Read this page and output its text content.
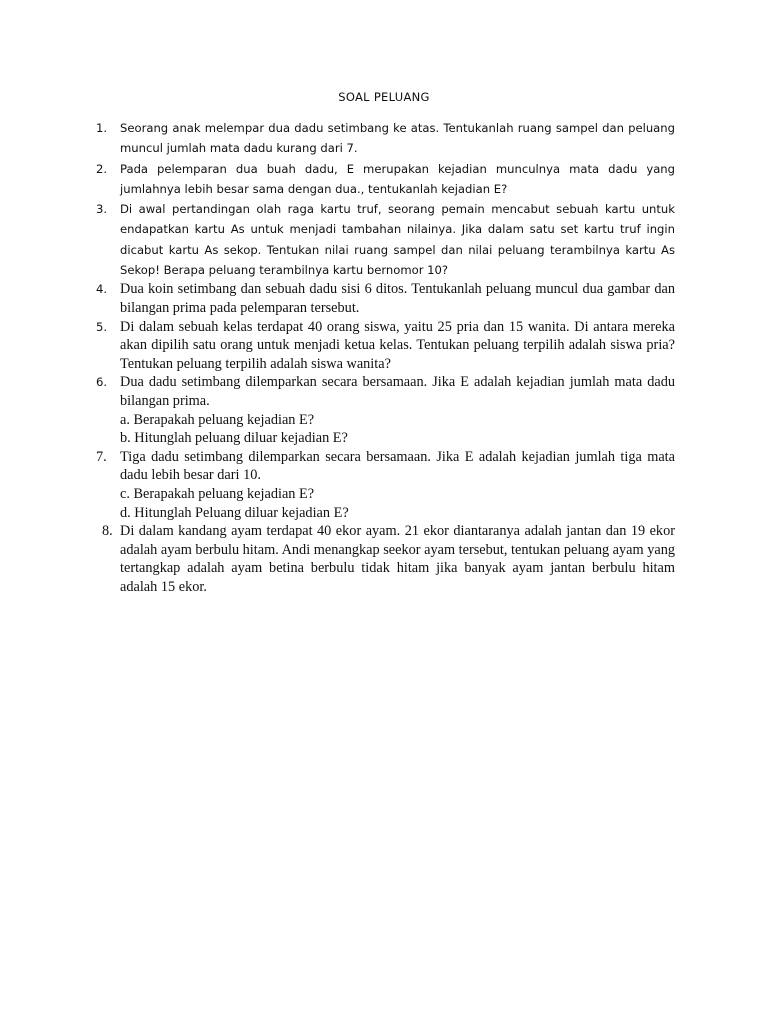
SOAL PELUANG
1. Seorang anak melempar dua dadu setimbang ke atas. Tentukanlah ruang sampel dan peluang muncul jumlah mata dadu kurang dari 7.

2. Pada pelemparan dua buah dadu, E merupakan kejadian munculnya mata dadu yang jumlahnya lebih besar sama dengan dua., tentukanlah kejadian E?

3. Di awal pertandingan olah raga kartu truf, seorang pemain mencabut sebuah kartu untuk endapatkan kartu As untuk menjadi tambahan nilainya. Jika dalam satu set kartu truf ingin dicabut kartu As sekop. Tentukan nilai ruang sampel dan nilai peluang terambilnya kartu As Sekop! Berapa peluang terambilnya kartu bernomor 10?

4. Dua koin setimbang dan sebuah dadu sisi 6 ditos. Tentukanlah peluang muncul dua gambar dan bilangan prima pada pelemparan tersebut.

5. Di dalam sebuah kelas terdapat 40 orang siswa, yaitu 25 pria dan 15 wanita. Di antara mereka akan dipilih satu orang untuk menjadi ketua kelas. Tentukan peluang terpilih adalah siswa pria? Tentukan peluang terpilih adalah siswa wanita?

6. Dua dadu setimbang dilemparkan secara bersamaan. Jika E adalah kejadian jumlah mata dadu bilangan prima.

a. Berapakah peluang kejadian E?

b. Hitunglah peluang diluar kejadian E?

7. Tiga dadu setimbang dilemparkan secara bersamaan. Jika E adalah kejadian jumlah tiga mata dadu lebih besar dari 10.

c. Berapakah peluang kejadian E?

d. Hitunglah Peluang diluar kejadian E?

8. Di dalam kandang ayam terdapat 40 ekor ayam. 21 ekor diantaranya adalah jantan dan 19 ekor adalah ayam berbulu hitam. Andi menangkap seekor ayam tersebut, tentukan peluang ayam yang tertangkap adalah ayam betina berbulu tidak hitam jika banyak ayam jantan berbulu hitam adalah 15 ekor.
